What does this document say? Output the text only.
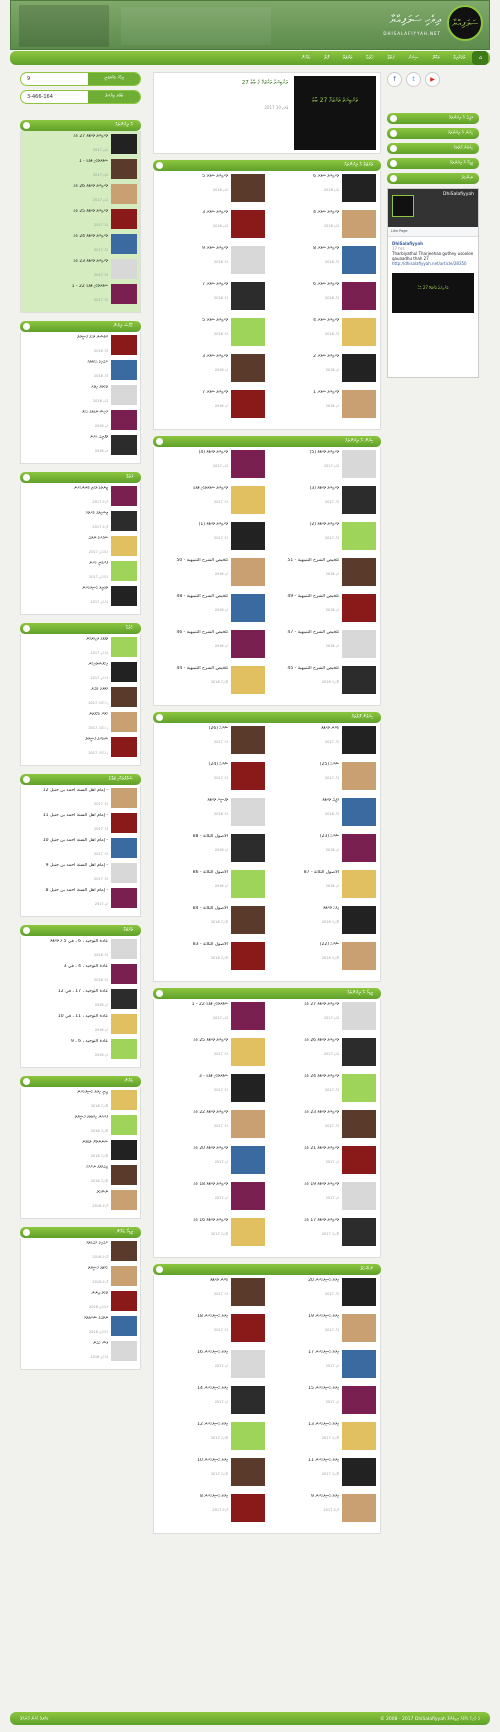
ސަލަފިއްޔާ
ދިވެހި ސަލަފިއްޔާ
DHISALAFIYYAH.NET
⌂
މުޤައްދިމާ
މަކާލާ
ސިޔަރު
ފަތުވާ
ޚުތުބާ
ތަރުޖަމާ
ފޮތް
ބަޔާން
9	މިހާރު ބައްލަވަނީ
3-466-164	ޖުމްލަ ޒިޔާރަތް
އާ ލިޔުންތައް
ތަރުބިޔަތު ތަރުޖަމާ 27 ބާބު
2017 ޖުލައި
ސުވާލުތަކާއި ޖަވާބު - 1
2017 ޖުލައި
ތަރުބިޔަތު ތަރުޖަމާ 26 ބާބު
2017 ޖުލައި
ތަރުބިޔަތު ތަރުޖަމާ 25 ބާބު
2017 ޖުން
ތަރުބިޔަތު ތަރުޖަމާ 24 ބާބު
2017 ޖުން
ތަރުބިޔަތު ތަރުޖަމާ 23 ބާބު
2017 ޖުން
ސުވާލުތަކާއި ޖަވާބު 22 - 1
2017 ޖުން
ޚާއްސަ ލިޔުން
ރަމަޟާން މަހުގެ ފަޟީލަތް
2016 ޖޫން
ރޯދައިގެ ޙުކުމްތައް
2016 ޖޫން
ޒަކާތުލް ފިޠްރު
2016 ޖުލައި
އަރިސޭ ނެގުމުގެ ޙުކުމް
2016 މެއި
ތަޤްލީދު ކުރުން
2016 މެއި
ފަތުވާ
ޒީނަތުގެ ތަކެތި ބޭނުންކުރުން
2017 މާރިޗު
މިސްކިތުގެ ބާރުތައް
2017 މާރިޗު
ސަފަރުގެ ނަމާދު
2017 ފެބުރުއަރީ
ޤުރްބާނީ ކުރުން
2017 ފެބުރުއަރީ
ތަޢުލީމު ޙާސިލުކުރުން
2017 ޖެނުއަރީ
ޚުތުބާ
ތަޤުވާގެ މުހިއްމުކަން
2017 ޖެނުއަރީ
އިޚްލާޞްތެރިކަން
2017 ޖެނުއަރީ
ޢަމަލުގެ ބަދަލު
2017 ޑިސެމްބަރު
ކަމާޔާ ބެހޭގޮތުން
2017 ޑިސެމްބަރު
ޞަބުރުގެ ފަޟީލަތް
2017 ޑިސެމްބަރު
ސުވާލުތަކާއި ޖަވާބު
إمام أهل السنة أحمد بن حنبل 12 -
2017 ޖުން
إمام أهل السنة أحمد بن حنبل 11 -
2017 ޖުން
إمام أهل السنة أحمد بن حنبل 10 -
2017 ޖުން
إمام أهل السنة أحمد بن حنبل 9 -
2017 ޖުން
إمام أهل السنة أحمد بن حنبل 8 -
2017 މެއި
ތަރުޖަމާ
عادة التوحيد ، 6 ، في 5 ގެ ތަރުޖަމާ
2016 ޖުން
عادة التوحيد ، 4 ، في 3
2016 ޖުން
عادة التوحيد ، 17 ، في 12
2016 މެއި
عادة التوحيد ، 11 ، في 10
2016 މެއި
عادة التوحيد ، 6 ، 9
2016 މެއި
ބަޔާން
ދީނީ ޢިލްމު ޙާސިލްކުރުން
2016 އޭޕްރިލް
ޤުރުއާން ކިޔެވުމުގެ ފަޟީލަތް
2016 އޭޕްރިލް
ސުންނަތަށް ތަބާވުން
2016 އޭޕްރިލް
ބިދުޢަތުގެ ނުރައްކާ
2016 އޭޕްރިލް
ނަޞޭޙަތް
2016 މާރިޗު
ވީޑިއޯ ބަޔާން
ރޯދައިގެ އަދަބުތައް
2016 މާރިޗު
ޙައްޖުގެ ފަޟީލަތް
2016 މާރިޗު
ޒަކާތް ދިނުން
2016 ފެބުރުއަރީ
ނަމާދުގެ ޝަރުޠުތައް
2016 ފެބުރުއަރީ
ވުޟޫ ހެދުން
2016 ޖެނުއަރީ
ތަރުބިޔަތު ތަރުޖަމާ 27 ބާބު
ތަރުބިޔަތު ތަރުޖަމާ ގެ ބާބު 27
2017 ޖުލައި 10
ތަރުޖަމާ އާ ލިޔުންތައް
ތަރުބިޔަތު ސުވާލު 6
2016 ޖުލައި
ތަރުބިޔަތު ސުވާލު 5
2016 ޖުލައި
ތަރުބިޔަތު ސުވާލު 4
2016 ޖުލައި
ތަރުބިޔަތު ސުވާލު 3
2016 ޖުލައި
ތަރުބިޔަތު ސުވާލު 8
2016 ޖުން
ތަރުބިޔަތު ސުވާލު 9
2016 ޖުން
ތަރުބިޔަތު ސުވާލު 6
2016 ޖުން
ތަރުބިޔަތު ސުވާލު 7
2016 ޖުން
ތަރުބިޔަތު ސުވާލު 4
2016 ޖުން
ތަރުބިޔަތު ސުވާލު 5
2016 ޖުން
ތަރުބިޔަތު ސުވާލު 2
2016 މެއި
ތަރުބިޔަތު ސުވާލު 3
2016 މެއި
ތަރުބިޔަތު ސުވާލު 1
2016 މެއި
ތަރުބިޔަތު ސުވާލު 7
2016 މެއި
ކިޔުން އާ ލިޔުންތައް
ތަރުބިޔަތު ތަރުޖަމާ (5)
2017 ޖުލައި
ތަރުބިޔަތު ތަރުޖަމާ (4)
2017 ޖުލައި
ތަރުބިޔަތު ތަރުޖަމާ (3)
2017 ޖުން
ތަރުބިޔަތު ސުވާލުތަކާއި ޖަވާބު
2017 ޖުން
ތަރުބިޔަތު ތަރުޖަމާ (2)
2017 ޖުން
ތަރުބިޔަތު ތަރުޖަމާ (1)
2017 ޖުން
تلخيص الشرح التنبيهية - 51
2016 މެއި
تلخيص الشرح التنبيهية - 50
2016 މެއި
تلخيص الشرح التنبيهية - 49
2016 މެއި
تلخيص الشرح التنبيهية - 48
2016 މެއި
تلخيص الشرح التنبيهية - 47
2016 މެއި
تلخيص الشرح التنبيهية - 46
2016 މެއި
تلخيص الشرح التنبيهية - 45
2016 އޭޕްރިލް
تلخيص الشرح التنبيهية - 44
2016 އޭޕްރިލް
ކިޔެވުން ފޮތްތައް
ބަޔާން ތަރުޖަމާ
2017 ޖުން
ޝަރަޙަ (26)
2017 ޖުން
ޝަރަޙަ (25)
2017 ޖުން
ޝަރަޙަ (24)
2017 ޖުން
ޢަޤީދާ ތަރުޖަމާ
2016 ޖުން
ތަފްސީރު ތަރުޖަމާ
2016 ޖުން
ޝަރަޙަ (23)
2016 މެއި
الأصول الثلاثة - 88
2016 މެއި
الأصول الثلاثة - 87
2016 މެއި
الأصول الثلاثة - 86
2016 މެއި
ފިޤުހު ތަރުޖަމާ
2016 އޭޕްރިލް
الأصول الثلاثة - 84
2016 އޭޕްރިލް
ޝަރަޙަ (22)
2016 އޭޕްރިލް
الأصول الثلاثة - 83
2016 އޭޕްރިލް
ވީޑިއޯ އާ ލިޔުންތައް
ތަރުބިޔަތު ތަރުޖަމާ 27 ބާބު
2017 ޖުލައި
ސުވާލުތަކާއި ޖަވާބު 22 - 1
2017 ޖުލައި
ތަރުބިޔަތު ތަރުޖަމާ 26 ބާބު
2017 ޖުލައި
ތަރުބިޔަތު ތަރުޖަމާ 25 ބާބު
2017 ޖުން
ތަރުބިޔަތު ތަރުޖަމާ 24 ބާބު
2017 ޖުން
ސުވާލުތަކާއި ޖަވާބު - 3
2017 ޖުން
ތަރުބިޔަތު ތަރުޖަމާ 23 ބާބު
2017 ޖުން
ތަރުބިޔަތު ތަރުޖަމާ 22 ބާބު
2017 ޖުން
ތަރުބިޔަތު ތަރުޖަމާ 21 ބާބު
2017 މެއި
ތަރުބިޔަތު ތަރުޖަމާ 20 ބާބު
2017 މެއި
ތަރުބިޔަތު ތަރުޖަމާ 19 ބާބު
2017 މެއި
ތަރުބިޔަތު ތަރުޖަމާ 18 ބާބު
2017 މެއި
ތަރުބިޔަތު ތަރުޖަމާ 17 ބާބު
2017 އޭޕްރިލް
ތަރުބިޔަތު ތަރުޖަމާ 16 ބާބު
2017 އޭޕްރިލް
ނަޞޭޙަތް
ޢިލްމު ޙާސިލުކުރުން 20
2017 ޖުން
ބަޔާން ތަރުޖަމާ
2017 ޖުން
ޢިލްމު ޙާސިލުކުރުން 19
2017 ޖުން
ޢިލްމު ޙާސިލުކުރުން 18
2017 ޖުން
ޢިލްމު ޙާސިލުކުރުން 17
2017 މެއި
ޢިލްމު ޙާސިލުކުރުން 16
2017 މެއި
ޢިލްމު ޙާސިލުކުރުން 15
2017 މެއި
ޢިލްމު ޙާސިލުކުރުން 14
2017 މެއި
ޢިލްމު ޙާސިލުކުރުން 13
2017 އޭޕްރިލް
ޢިލްމު ޙާސިލުކުރުން 12
2017 އޭޕްރިލް
ޢިލްމު ޙާސިލުކުރުން 11
2017 އޭޕްރިލް
ޢިލްމު ޙާސިލުކުރުން 10
2017 އޭޕްރިލް
ޢިލްމު ޙާސިލުކުރުން 9
2017 މާރިޗު
ޢިލްމު ޙާސިލުކުރުން 8
2017 މާރިޗު
f	t	▶
ޢަޤީދާ އާ ލިޔުންތައް
ކިޔުން އާ ލިޔުންތައް
ކިޔެވުން ފޮތްތައް
ވީޑިއޯ އާ ލިޔުންތައް
ނަޞޭޙަތް
DhiSalafiyyah
Like Page
DhiSalafiyyah
17 hrs
Tharbiyathul Tharjeehaa guthey usoolee qauaadhu thah 27
http://dhisalafiyyah.net/article/28350
ތަރުބިޔަތު ތަރުޖަމާ 27 ބާބު
ބައްލަވާ ކުރުން ފޮނުއްވާ	© 2008 - 2017 DhiSalafiyyah ގެ ހުރިހާ ޙައްޤެއް ލިބިގެންވޭ
